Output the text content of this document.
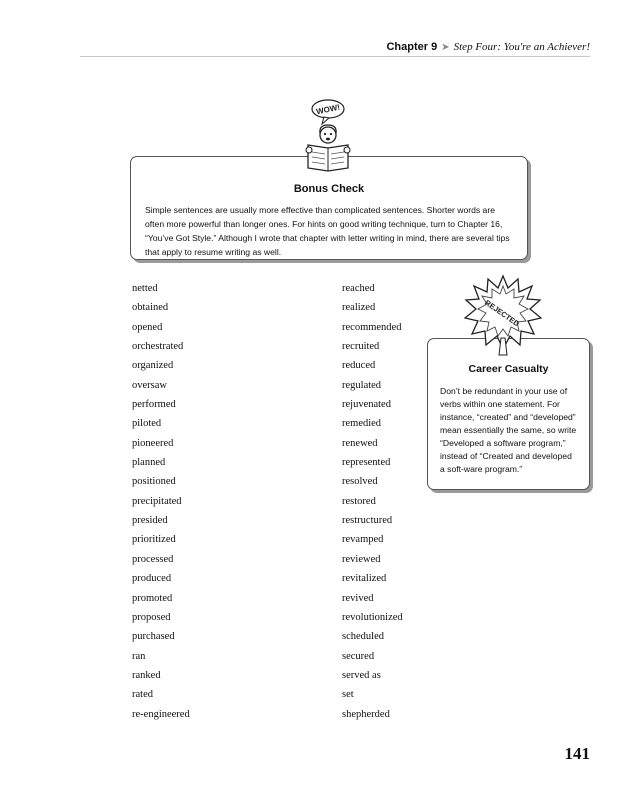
Chapter 9 ➤ Step Four: You're an Achiever!
Bonus Check
Simple sentences are usually more effective than complicated sentences. Shorter words are often more powerful than longer ones. For hints on good writing technique, turn to Chapter 16, “You’ve Got Style.” Although I wrote that chapter with letter writing in mind, there are several tips that apply to resume writing as well.
WOW!
Career Casualty
Don’t be redundant in your use of verbs within one statement. For instance, “created” and “developed” mean essentially the same, so write “Developed a software program,” instead of “Created and developed a soft-ware program.”
REJECTED
netted
obtained
opened
orchestrated
organized
oversaw
performed
piloted
pioneered
planned
positioned
precipitated
presided
prioritized
processed
produced
promoted
proposed
purchased
ran
ranked
rated
re-engineered
reached
realized
recommended
recruited
reduced
regulated
rejuvenated
remedied
renewed
represented
resolved
restored
restructured
revamped
reviewed
revitalized
revived
revolutionized
scheduled
secured
served as
set
shepherded
141
